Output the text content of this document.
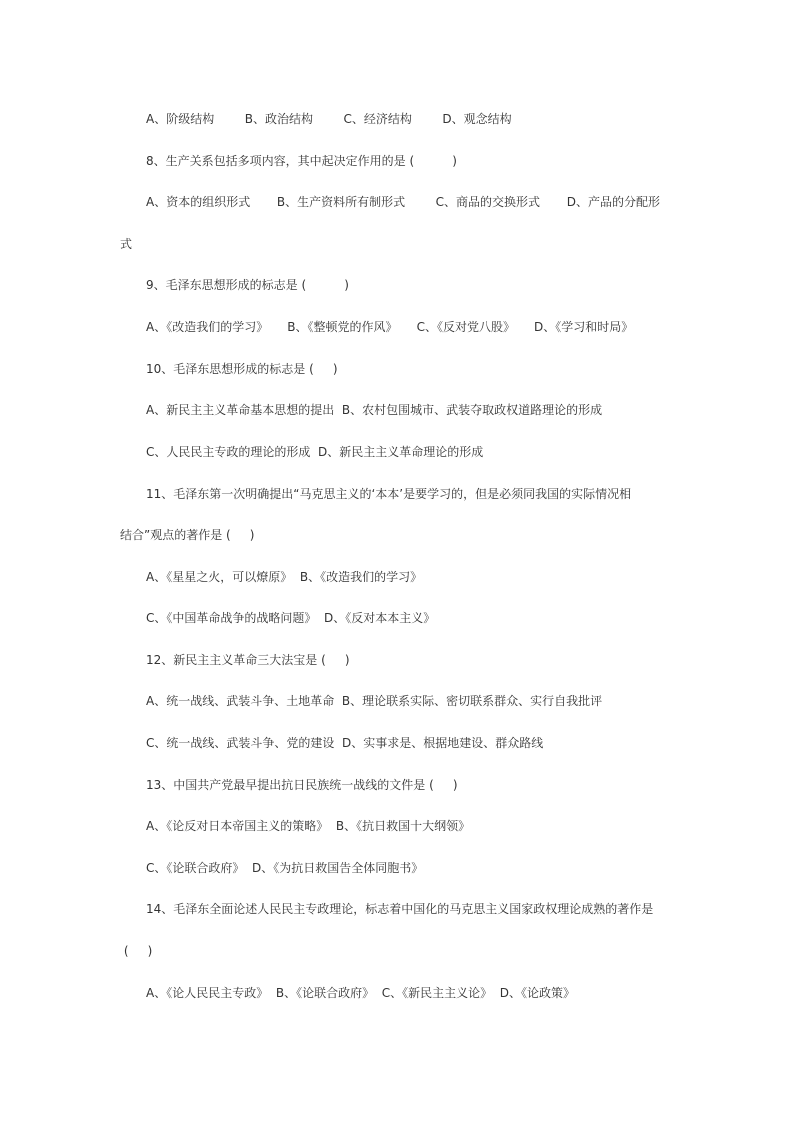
A、阶级结构        B、政治结构        C、经济结构        D、观念结构
8、生产关系包括多项内容，其中起决定作用的是 (          )
A、资本的组织形式       B、生产资料所有制形式        C、商品的交换形式       D、产品的分配形
式
9、毛泽东思想形成的标志是 (          )
A、《改造我们的学习》     B、《整顿党的作风》     C、《反对党八股》     D、《学习和时局》
10、毛泽东思想形成的标志是 (     )
A、新民主主义革命基本思想的提出  B、农村包围城市、武装夺取政权道路理论的形成
C、人民民主专政的理论的形成  D、新民主主义革命理论的形成
11、毛泽东第一次明确提出“马克思主义的‘本本’是要学习的，但是必须同我国的实际情况相
结合”观点的著作是 (     )
A、《星星之火，可以燎原》  B、《改造我们的学习》
C、《中国革命战争的战略问题》  D、《反对本本主义》
12、新民主主义革命三大法宝是 (     )
A、统一战线、武装斗争、土地革命  B、理论联系实际、密切联系群众、实行自我批评
C、统一战线、武装斗争、党的建设  D、实事求是、根据地建设、群众路线
13、中国共产党最早提出抗日民族统一战线的文件是 (     )
A、《论反对日本帝国主义的策略》  B、《抗日救国十大纲领》
C、《论联合政府》  D、《为抗日救国告全体同胞书》
14、毛泽东全面论述人民民主专政理论，标志着中国化的马克思主义国家政权理论成熟的著作是
(     )
A、《论人民民主专政》  B、《论联合政府》  C、《新民主主义论》  D、《论政策》
